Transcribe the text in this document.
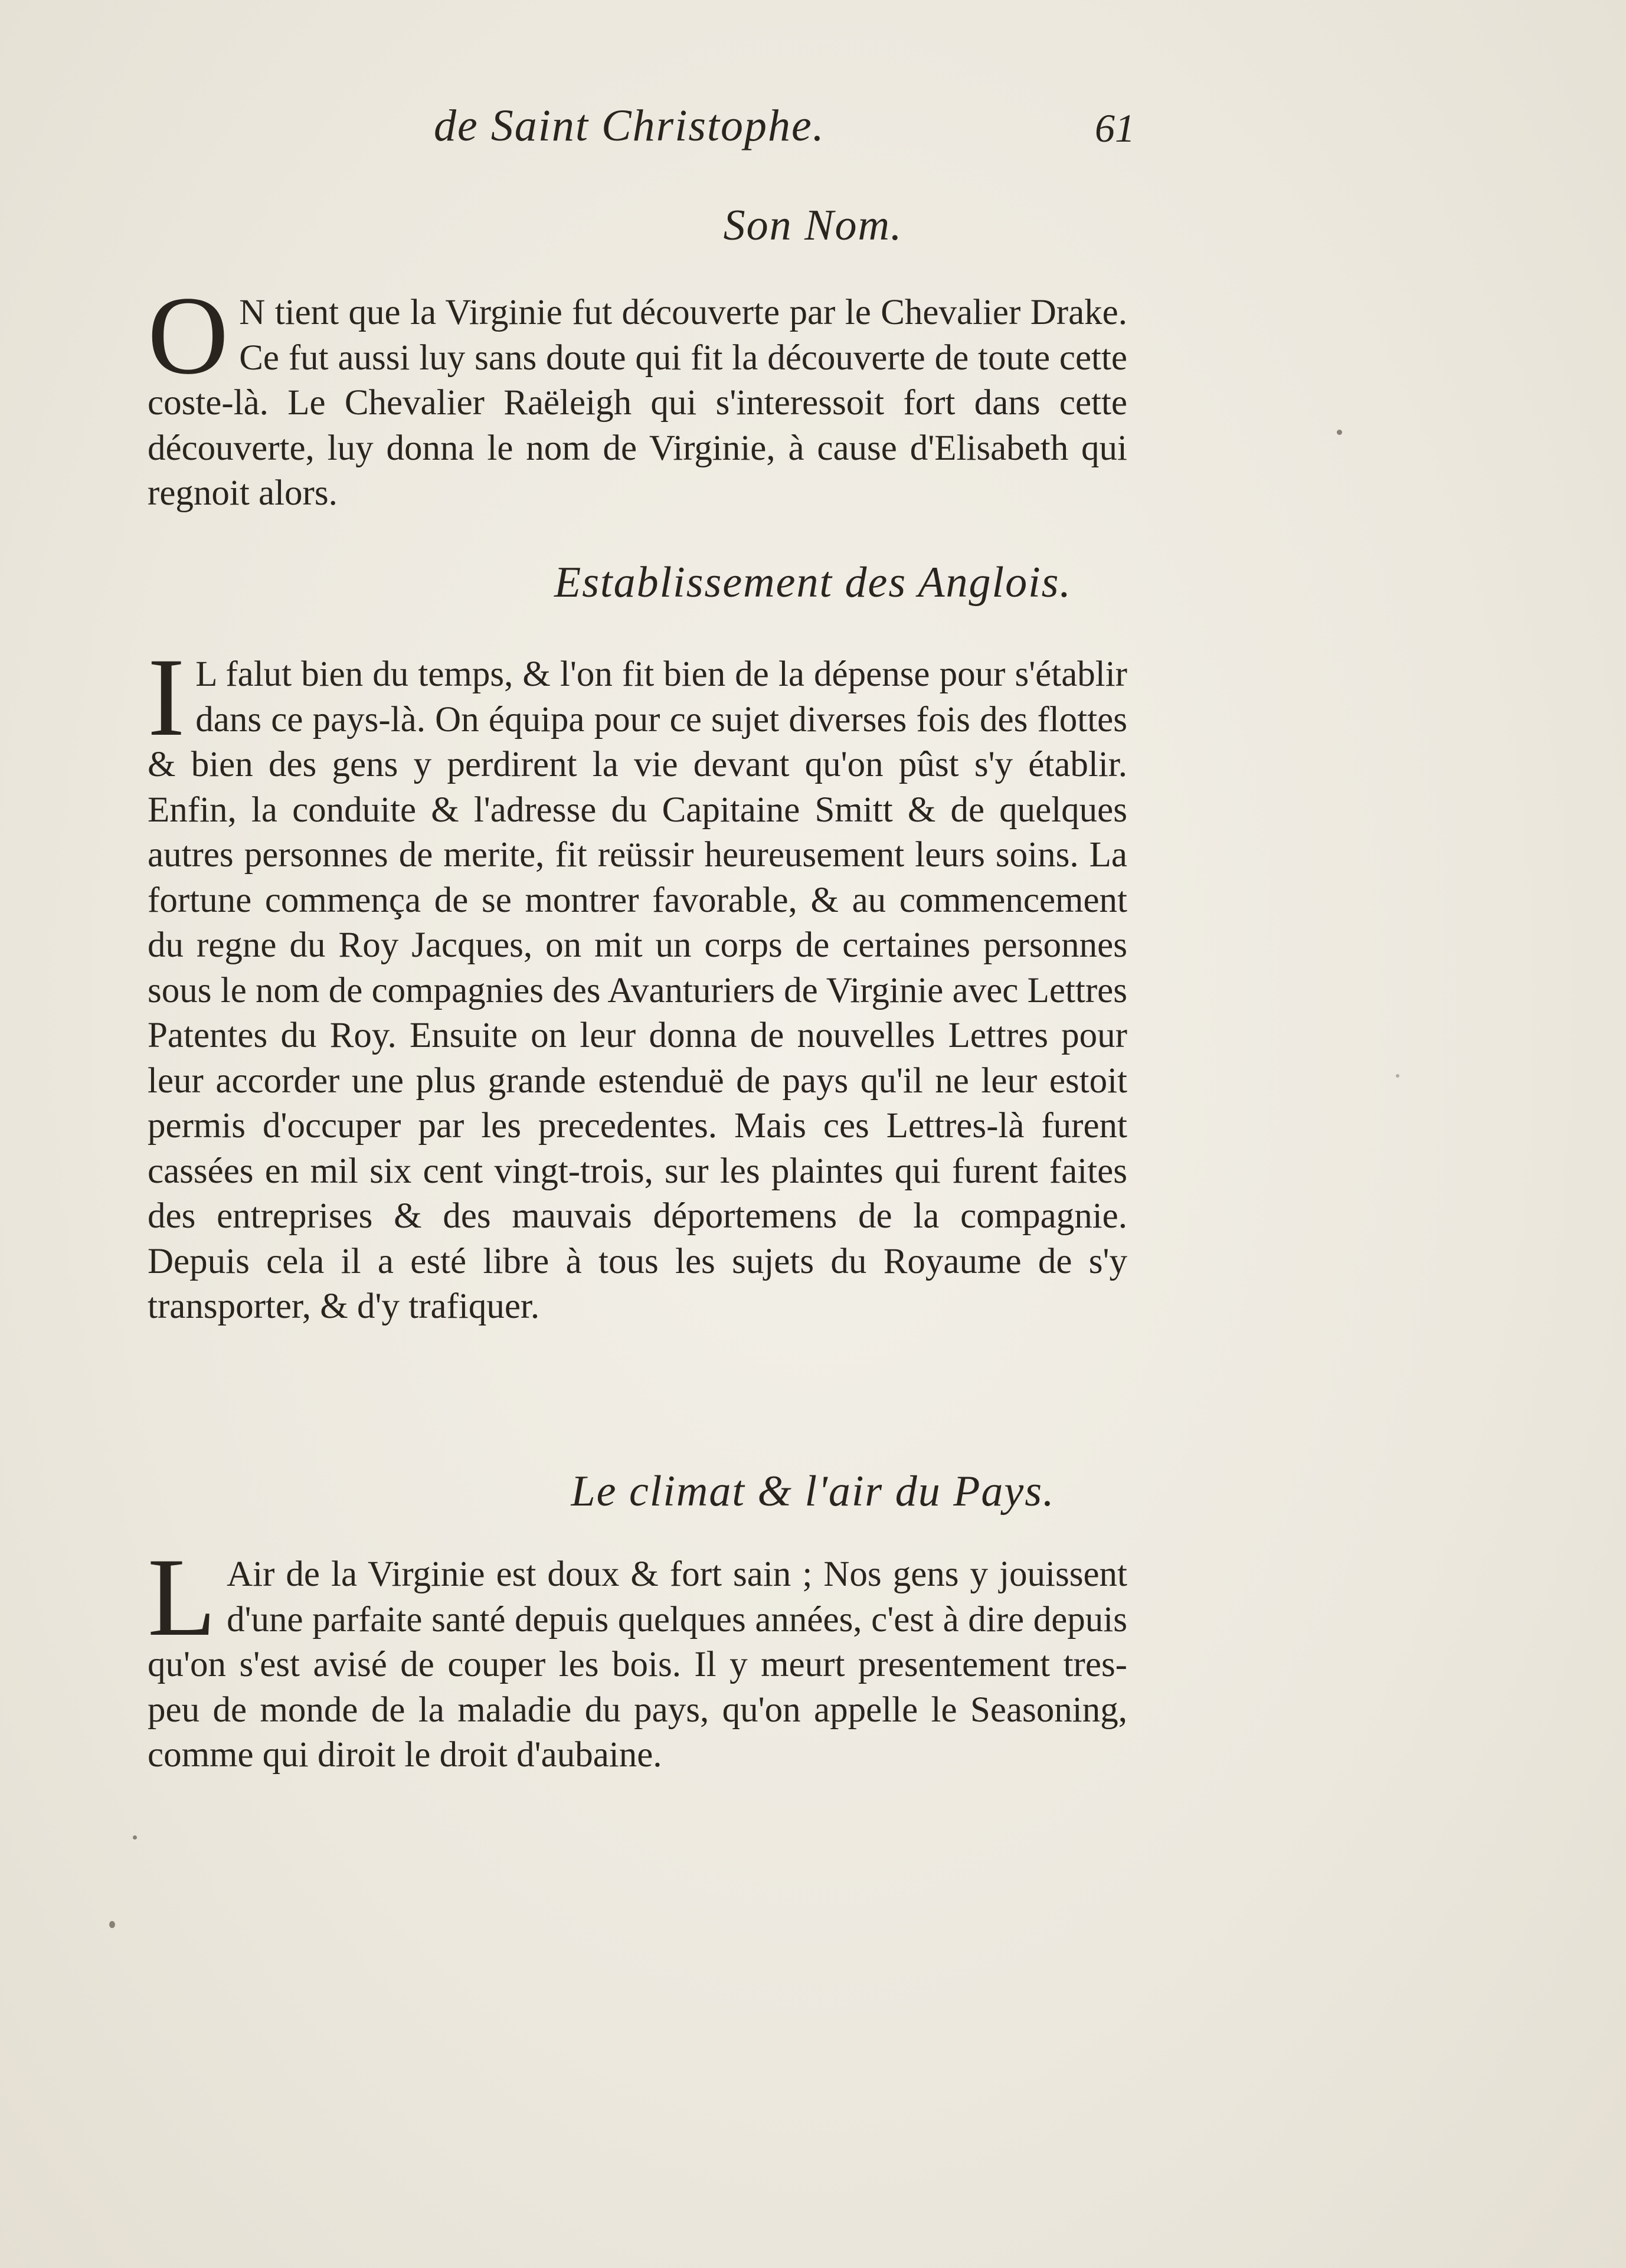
de Saint Christophe.	61
Son Nom.
O N tient que la Virginie fut découverte par le Chevalier Drake. Ce fut aussi luy sans doute qui fit la découverte de toute cette coste-là. Le Chevalier Raëleigh qui s'interessoit fort dans cette découverte, luy donna le nom de Virginie, à cause d'Elisabeth qui regnoit alors.

Establissement des Anglois.
I L falut bien du temps, & l'on fit bien de la dépense pour s'établir dans ce pays-là. On équipa pour ce sujet diverses fois des flottes & bien des gens y perdirent la vie devant qu'on pûst s'y établir. Enfin, la conduite & l'adresse du Capitaine Smitt & de quelques autres personnes de merite, fit reüssir heureusement leurs soins. La fortune commença de se montrer favorable, & au commencement du regne du Roy Jacques, on mit un corps de certaines personnes sous le nom de compagnies des Avanturiers de Virginie avec Lettres Patentes du Roy. Ensuite on leur donna de nouvelles Lettres pour leur accorder une plus grande estenduë de pays qu'il ne leur estoit permis d'occuper par les precedentes. Mais ces Lettres-là furent cassées en mil six cent vingt-trois, sur les plaintes qui furent faites des entreprises & des mauvais déportemens de la compagnie. Depuis cela il a esté libre à tous les sujets du Royaume de s'y transporter, & d'y trafiquer.

Le climat & l'air du Pays.
L Air de la Virginie est doux & fort sain ; Nos gens y jouissent d'une parfaite santé depuis quelques années, c'est à dire depuis qu'on s'est avisé de couper les bois. Il y meurt presentement tres-peu de monde de la maladie du pays, qu'on appelle le Seasoning, comme qui diroit le droit d'aubaine.
